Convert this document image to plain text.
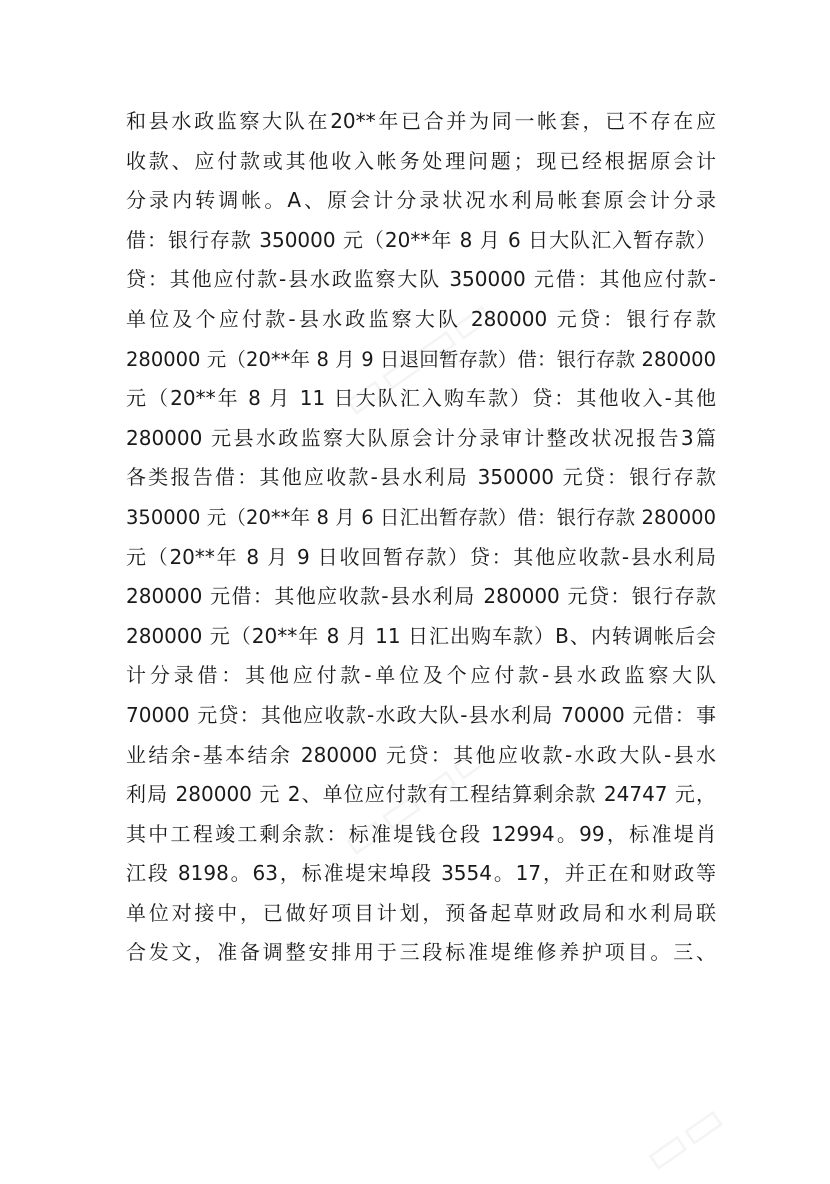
▭▭▭▭
▭▭▭▭
▭▭
和县水政监察大队在20**年已合并为同一帐套，已不存在应
收款、应付款或其他收入帐务处理问题；现已经根据原会计
分录内转调帐。A、原会计分录状况水利局帐套原会计分录
借：银行存款 350000 元（20**年 8 月 6 日大队汇入暂存款）
贷：其他应付款-县水政监察大队 350000 元借：其他应付款-
单位及个应付款-县水政监察大队 280000 元贷：银行存款
280000 元（20**年 8 月 9 日退回暂存款）借：银行存款 280000
元（20**年 8 月 11 日大队汇入购车款）贷：其他收入-其他
280000 元县水政监察大队原会计分录审计整改状况报告3篇
各类报告借：其他应收款-县水利局 350000 元贷：银行存款
350000 元（20**年 8 月 6 日汇出暂存款）借：银行存款 280000
元（20**年 8 月 9 日收回暂存款）贷：其他应收款-县水利局
280000 元借：其他应收款-县水利局 280000 元贷：银行存款
280000 元（20**年 8 月 11 日汇出购车款）B、内转调帐后会
计分录借：其他应付款-单位及个应付款-县水政监察大队
70000 元贷：其他应收款-水政大队-县水利局 70000 元借：事
业结余-基本结余 280000 元贷：其他应收款-水政大队-县水
利局 280000 元 2、单位应付款有工程结算剩余款 24747 元，
其中工程竣工剩余款：标准堤钱仓段 12994。99，标准堤肖
江段 8198。63，标准堤宋埠段 3554。17，并正在和财政等
单位对接中，已做好项目计划，预备起草财政局和水利局联
合发文，准备调整安排用于三段标准堤维修养护项目。三、
